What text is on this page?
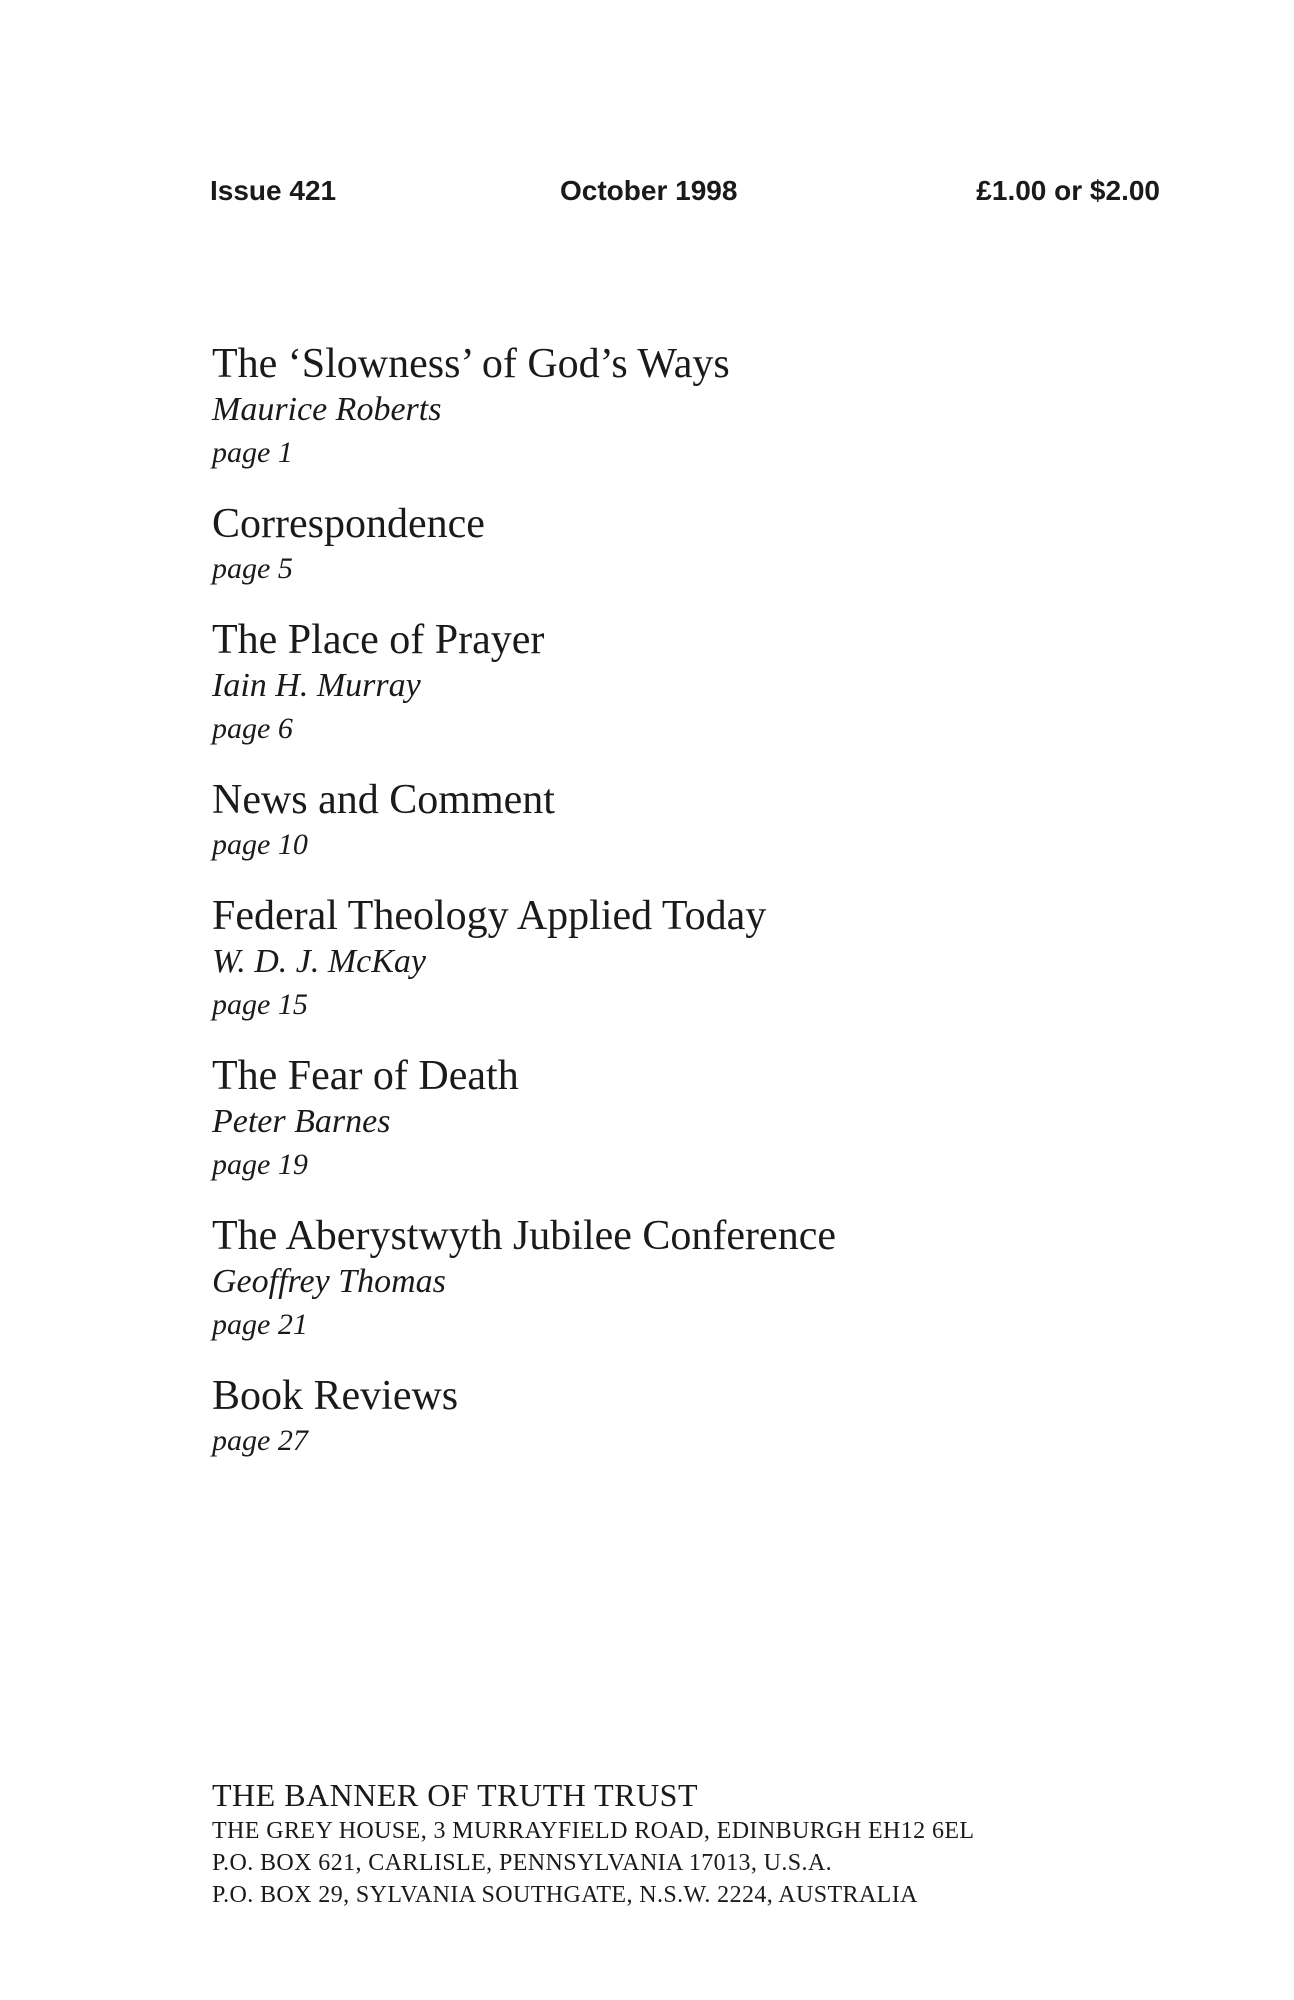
Issue 421	October 1998	£1.00 or $2.00
The ‘Slowness’ of God’s Ways
Maurice Roberts
page 1
Correspondence
page 5
The Place of Prayer
Iain H. Murray
page 6
News and Comment
page 10
Federal Theology Applied Today
W. D. J. McKay
page 15
The Fear of Death
Peter Barnes
page 19
The Aberystwyth Jubilee Conference
Geoffrey Thomas
page 21
Book Reviews
page 27
THE BANNER OF TRUTH TRUST
THE GREY HOUSE, 3 MURRAYFIELD ROAD, EDINBURGH EH12 6EL
P.O. BOX 621, CARLISLE, PENNSYLVANIA 17013, U.S.A.
P.O. BOX 29, SYLVANIA SOUTHGATE, N.S.W. 2224, AUSTRALIA
